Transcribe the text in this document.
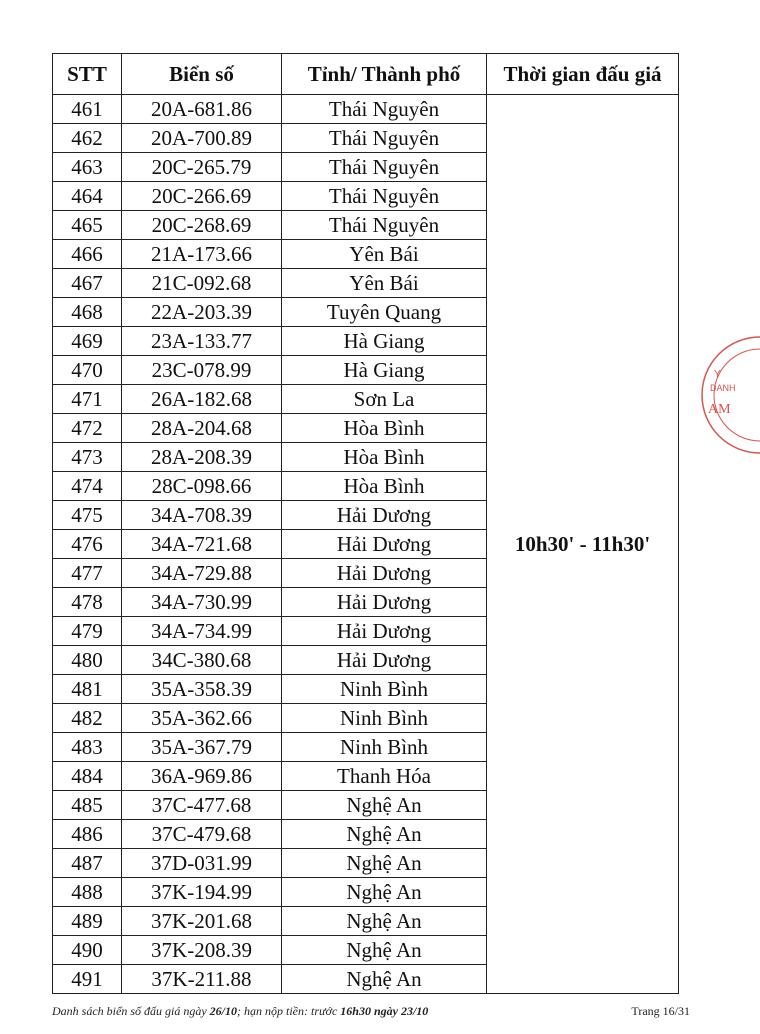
STT	Biển số	Tỉnh/ Thành phố	Thời gian đấu giá
461	20A-681.86	Thái Nguyên	10h30' - 11h30'
462	20A-700.89	Thái Nguyên	
463	20C-265.79	Thái Nguyên	
464	20C-266.69	Thái Nguyên	
465	20C-268.69	Thái Nguyên	
466	21A-173.66	Yên Bái	
467	21C-092.68	Yên Bái	
468	22A-203.39	Tuyên Quang	
469	23A-133.77	Hà Giang	
470	23C-078.99	Hà Giang	
471	26A-182.68	Sơn La	
472	28A-204.68	Hòa Bình	
473	28A-208.39	Hòa Bình	
474	28C-098.66	Hòa Bình	
475	34A-708.39	Hải Dương	
476	34A-721.68	Hải Dương	
477	34A-729.88	Hải Dương	
478	34A-730.99	Hải Dương	
479	34A-734.99	Hải Dương	
480	34C-380.68	Hải Dương	
481	35A-358.39	Ninh Bình	
482	35A-362.66	Ninh Bình	
483	35A-367.79	Ninh Bình	
484	36A-969.86	Thanh Hóa	
485	37C-477.68	Nghệ An	
486	37C-479.68	Nghệ An	
487	37D-031.99	Nghệ An	
488	37K-194.99	Nghệ An	
489	37K-201.68	Nghệ An	
490	37K-208.39	Nghệ An	
491	37K-211.88	Nghệ An	
Danh sách biển số đấu giá ngày 26/10; hạn nộp tiền: trước 16h30 ngày 23/10	Trang 16/31
Y
DANH
AM
